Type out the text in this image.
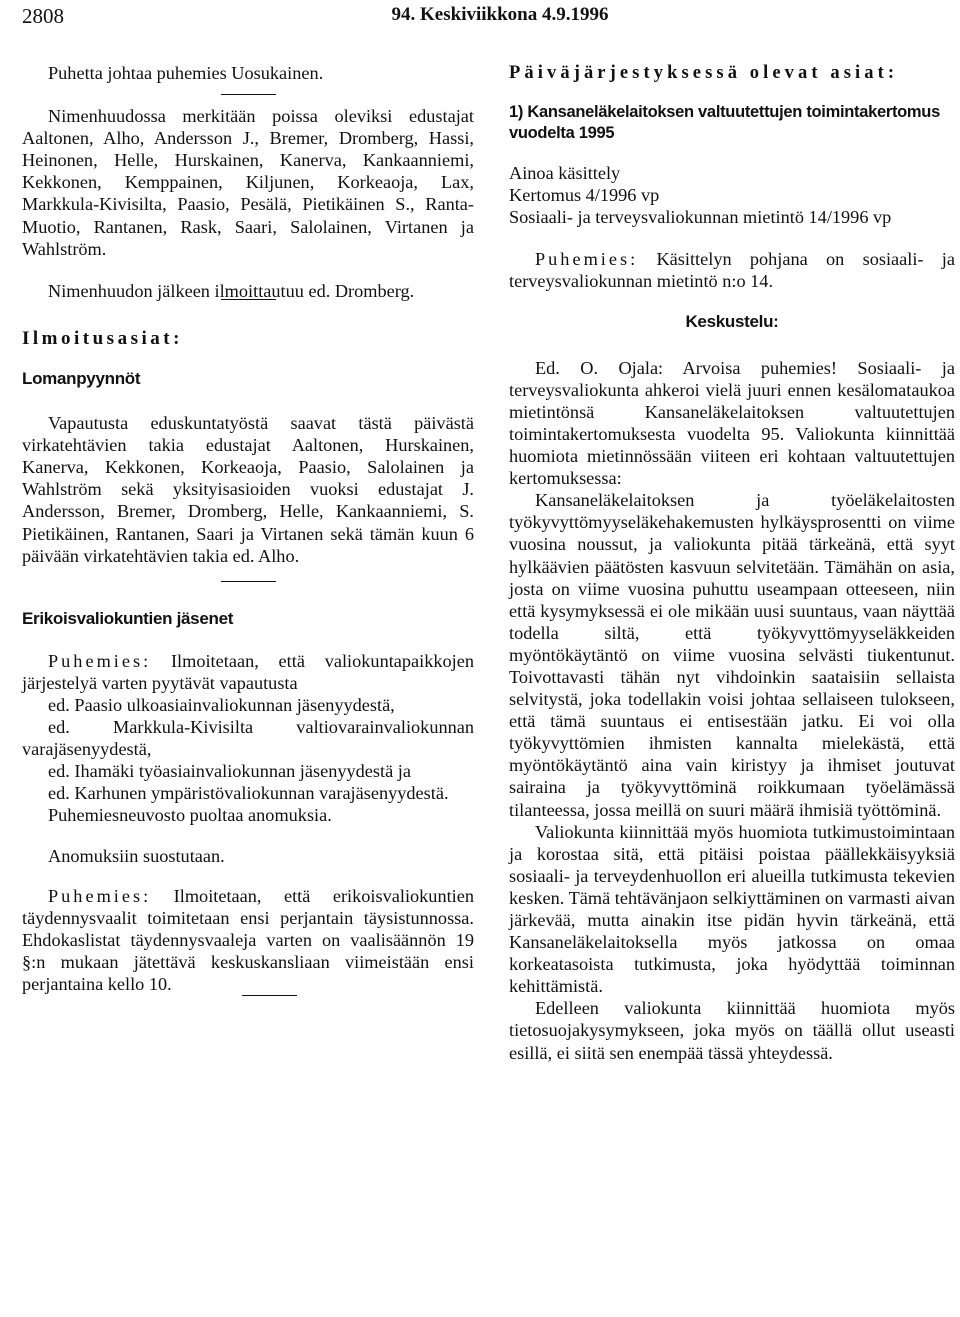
2808	94. Keskiviikkona 4.9.1996

Puhetta johtaa puhemies Uosukainen.

Nimenhuudossa merkitään poissa oleviksi edustajat Aaltonen, Alho, Andersson J., Bremer, Dromberg, Hassi, Heinonen, Helle, Hurskainen, Kanerva, Kankaanniemi, Kekkonen, Kemppainen, Kiljunen, Korkeaoja, Lax, Markkula-Kivisilta, Paasio, Pesälä, Pietikäinen S., Ranta-Muotio, Rantanen, Rask, Saari, Salolainen, Virtanen ja Wahlström.

Nimenhuudon jälkeen ilmoittautuu ed. Dromberg.

Ilmoitusasiat:

Lomanpyynnöt

Vapautusta eduskuntatyöstä saavat tästä päivästä virkatehtävien takia edustajat Aaltonen, Hurskainen, Kanerva, Kekkonen, Korkeaoja, Paasio, Salolainen ja Wahlström sekä yksityisasioiden vuoksi edustajat J. Andersson, Bremer, Dromberg, Helle, Kankaanniemi, S. Pietikäinen, Rantanen, Saari ja Virtanen sekä tämän kuun 6 päivään virkatehtävien takia ed. Alho.

Erikoisvaliokuntien jäsenet

Puhemies: Ilmoitetaan, että valiokuntapaikkojen järjestelyä varten pyytävät vapautusta

ed. Paasio ulkoasiainvaliokunnan jäsenyydestä,

ed. Markkula-Kivisilta valtiovarainvaliokunnan varajäsenyydestä,

ed. Ihamäki työasiainvaliokunnan jäsenyydestä ja

ed. Karhunen ympäristövaliokunnan varajäsenyydestä.

Puhemiesneuvosto puoltaa anomuksia.

Anomuksiin suostutaan.

Puhemies: Ilmoitetaan, että erikoisvaliokuntien täydennysvaalit toimitetaan ensi perjantain täysistunnossa. Ehdokaslistat täydennysvaaleja varten on vaalisäännön 19 §:n mukaan jätettävä keskuskansliaan viimeistään ensi perjantaina kello 10.

Päiväjärjestyksessä olevat asiat:

1) Kansaneläkelaitoksen valtuutettujen toimintakertomus vuodelta 1995

Ainoa käsittely

Kertomus 4/1996 vp

Sosiaali- ja terveysvaliokunnan mietintö 14/1996 vp

Puhemies: Käsittelyn pohjana on sosiaali- ja terveysvaliokunnan mietintö n:o 14.

Keskustelu:

Ed. O. Ojala: Arvoisa puhemies! Sosiaali- ja terveysvaliokunta ahkeroi vielä juuri ennen kesälomataukoa mietintönsä Kansaneläkelaitoksen valtuutettujen toimintakertomuksesta vuodelta 95. Valiokunta kiinnittää huomiota mietinnössään viiteen eri kohtaan valtuutettujen kertomuksessa:

Kansaneläkelaitoksen ja työeläkelaitosten työkyvyttömyyseläkehakemusten hylkäysprosentti on viime vuosina noussut, ja valiokunta pitää tärkeänä, että syyt hylkäävien päätösten kasvuun selvitetään. Tämähän on asia, josta on viime vuosina puhuttu useampaan otteeseen, niin että kysymyksessä ei ole mikään uusi suuntaus, vaan näyttää todella siltä, että työkyvyttömyyseläkkeiden myöntökäytäntö on viime vuosina selvästi tiukentunut. Toivottavasti tähän nyt vihdoinkin saataisiin sellaista selvitystä, joka todellakin voisi johtaa sellaiseen tulokseen, että tämä suuntaus ei entisestään jatku. Ei voi olla työkyvyttömien ihmisten kannalta mielekästä, että myöntökäytäntö aina vain kiristyy ja ihmiset joutuvat sairaina ja työkyvyttöminä roikkumaan työelämässä tilanteessa, jossa meillä on suuri määrä ihmisiä työttöminä.

Valiokunta kiinnittää myös huomiota tutkimustoimintaan ja korostaa sitä, että pitäisi poistaa päällekkäisyyksiä sosiaali- ja terveydenhuollon eri alueilla tutkimusta tekevien kesken. Tämä tehtävänjaon selkiyttäminen on varmasti aivan järkevää, mutta ainakin itse pidän hyvin tärkeänä, että Kansaneläkelaitoksella myös jatkossa on omaa korkeatasoista tutkimusta, joka hyödyttää toiminnan kehittämistä.

Edelleen valiokunta kiinnittää huomiota myös tietosuojakysymykseen, joka myös on täällä ollut useasti esillä, ei siitä sen enempää tässä yhteydessä.
